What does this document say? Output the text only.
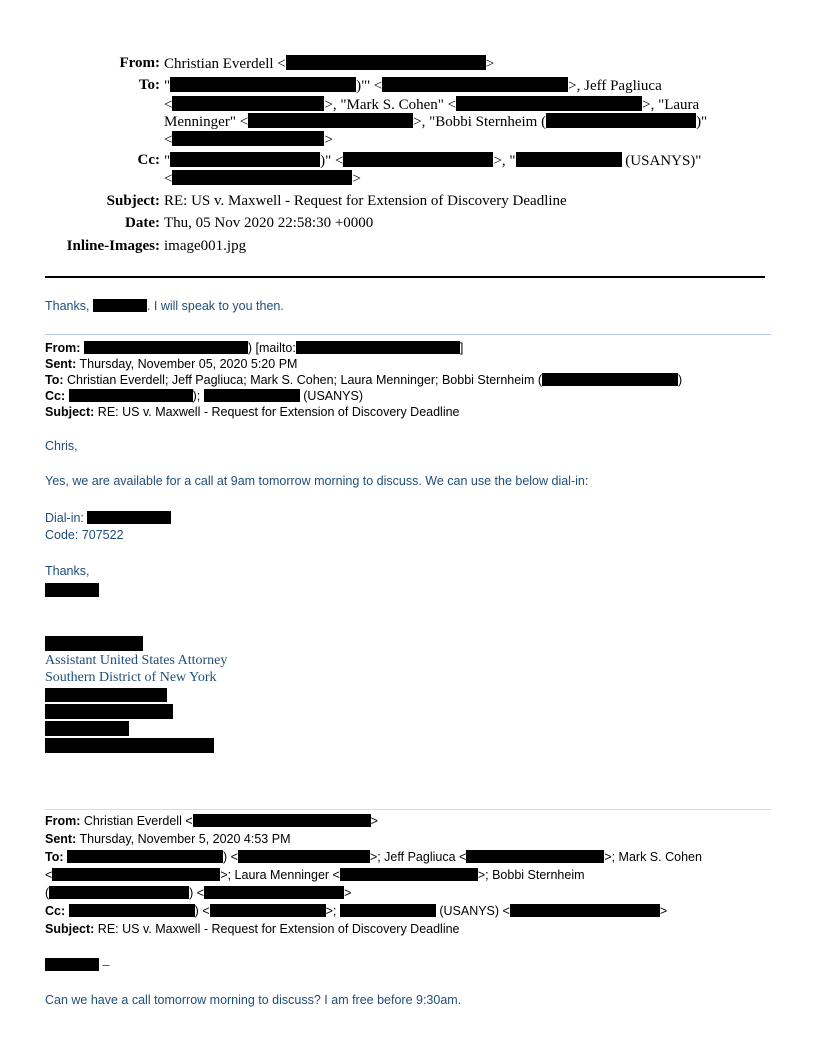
From: Christian Everdell <	>
To: "	)"' <	>, Jeff Pagliuca
<	>, "Mark S. Cohen" <	>, "Laura
Menninger" <	>, "Bobbi Sternheim (	)"
<	>
Cc: "	)" <	>, "	(USANYS)"
<	>
Subject: RE: US v. Maxwell - Request for Extension of Discovery Deadline
Date: Thu, 05 Nov 2020 22:58:30 +0000
Inline-Images: image001.jpg
Thanks,	. I will speak to you then.
From:	) [mailto:	]
Sent: Thursday, November 05, 2020 5:20 PM
To: Christian Everdell; Jeff Pagliuca; Mark S. Cohen; Laura Menninger; Bobbi Sternheim (	)
Cc:	);	(USANYS)
Subject: RE: US v. Maxwell - Request for Extension of Discovery Deadline
Chris,
Yes, we are available for a call at 9am tomorrow morning to discuss. We can use the below dial-in:
Dial-in:
Code: 707522
Thanks,
Assistant United States Attorney
Southern District of New York
From: Christian Everdell <	>
Sent: Thursday, November 5, 2020 4:53 PM
To:	) <	>; Jeff Pagliuca <	>; Mark S. Cohen
<	>; Laura Menninger <	>; Bobbi Sternheim
(	) <	>
Cc:	) <	>;	(USANYS) <	>
Subject: RE: US v. Maxwell - Request for Extension of Discovery Deadline
–
Can we have a call tomorrow morning to discuss? I am free before 9:30am.
